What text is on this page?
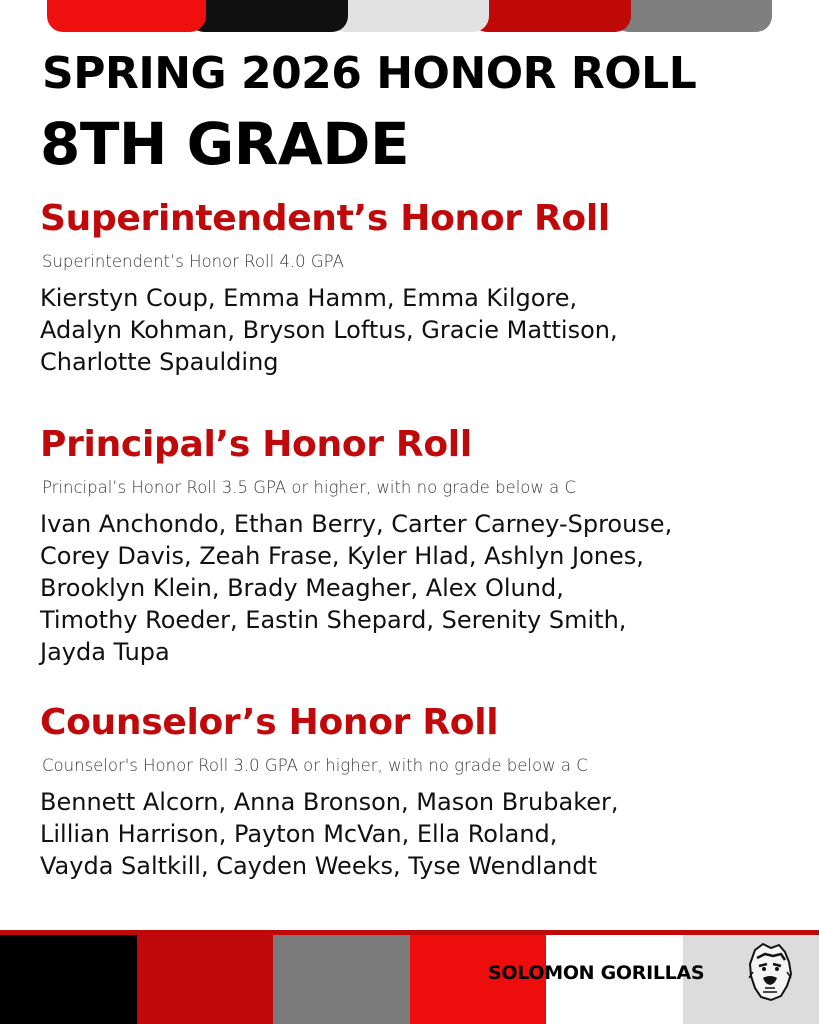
SPRING 2026 HONOR ROLL
8TH GRADE
Superintendent’s Honor Roll

Superintendent’s Honor Roll 4.0 GPA

Kierstyn Coup, Emma Hamm, Emma Kilgore,
Adalyn Kohman, Bryson Loftus, Gracie Mattison,
Charlotte Spaulding
Principal’s Honor Roll

Principal’s Honor Roll 3.5 GPA or higher, with no grade below a C

Ivan Anchondo, Ethan Berry, Carter Carney-Sprouse,
Corey Davis, Zeah Frase, Kyler Hlad, Ashlyn Jones,
Brooklyn Klein, Brady Meagher, Alex Olund,
Timothy Roeder, Eastin Shepard, Serenity Smith,
Jayda Tupa
Counselor’s Honor Roll

Counselor's Honor Roll 3.0 GPA or higher, with no grade below a C

Bennett Alcorn, Anna Bronson, Mason Brubaker,
Lillian Harrison, Payton McVan, Ella Roland,
Vayda Saltkill, Cayden Weeks, Tyse Wendlandt
SOLOMON GORILLAS
